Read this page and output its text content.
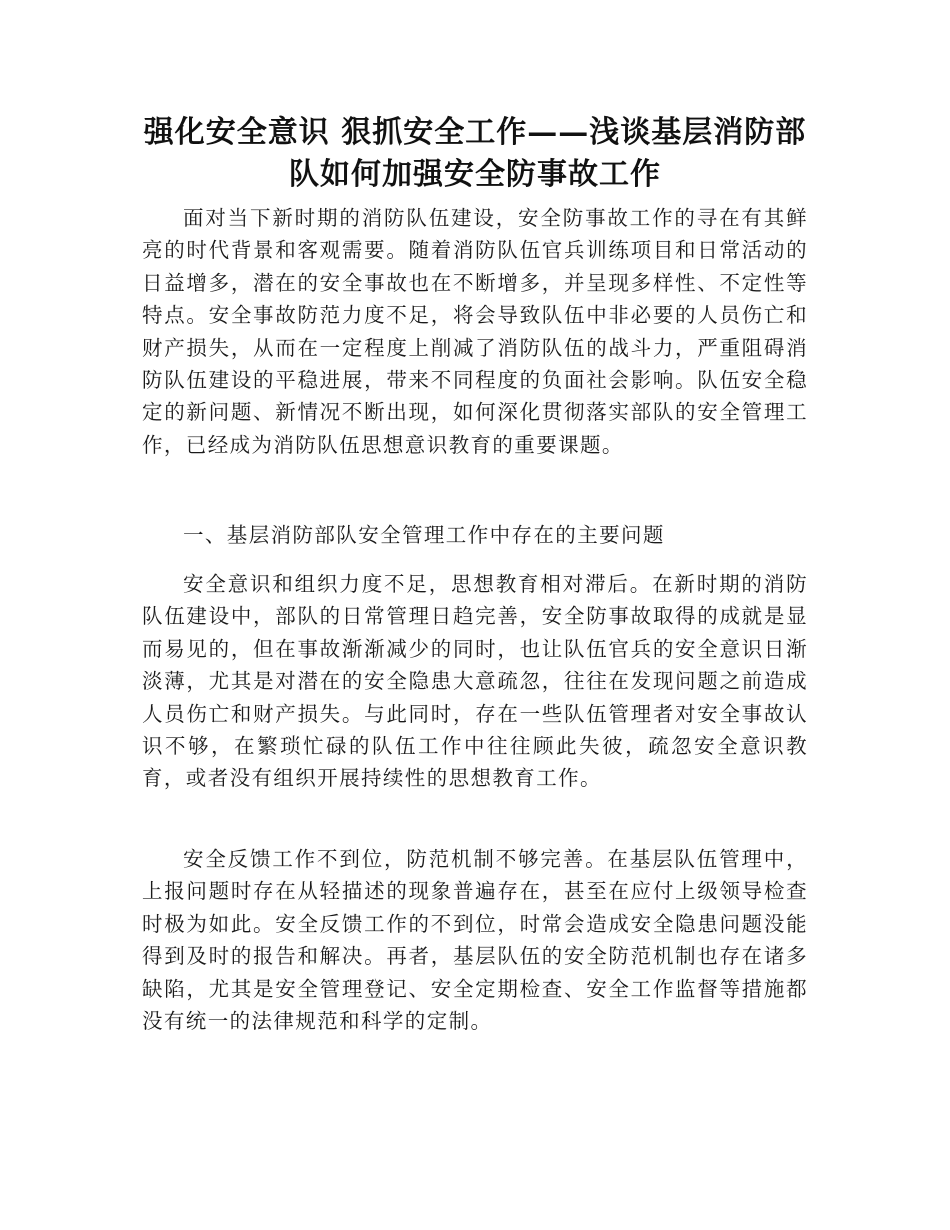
强化安全意识 狠抓安全工作——浅谈基层消防部队如何加强安全防事故工作

面对当下新时期的消防队伍建设，安全防事故工作的寻在有其鲜亮的时代背景和客观需要。随着消防队伍官兵训练项目和日常活动的日益增多，潜在的安全事故也在不断增多，并呈现多样性、不定性等特点。安全事故防范力度不足，将会导致队伍中非必要的人员伤亡和财产损失，从而在一定程度上削减了消防队伍的战斗力，严重阻碍消防队伍建设的平稳进展，带来不同程度的负面社会影响。队伍安全稳定的新问题、新情况不断出现，如何深化贯彻落实部队的安全管理工作，已经成为消防队伍思想意识教育的重要课题。

一、基层消防部队安全管理工作中存在的主要问题

安全意识和组织力度不足，思想教育相对滞后。在新时期的消防队伍建设中，部队的日常管理日趋完善，安全防事故取得的成就是显而易见的，但在事故渐渐减少的同时，也让队伍官兵的安全意识日渐淡薄，尤其是对潜在的安全隐患大意疏忽，往往在发现问题之前造成人员伤亡和财产损失。与此同时，存在一些队伍管理者对安全事故认识不够，在繁琐忙碌的队伍工作中往往顾此失彼，疏忽安全意识教育，或者没有组织开展持续性的思想教育工作。

安全反馈工作不到位，防范机制不够完善。在基层队伍管理中，上报问题时存在从轻描述的现象普遍存在，甚至在应付上级领导检查时极为如此。安全反馈工作的不到位，时常会造成安全隐患问题没能得到及时的报告和解决。再者，基层队伍的安全防范机制也存在诸多缺陷，尤其是安全管理登记、安全定期检查、安全工作监督等措施都没有统一的法律规范和科学的定制。
